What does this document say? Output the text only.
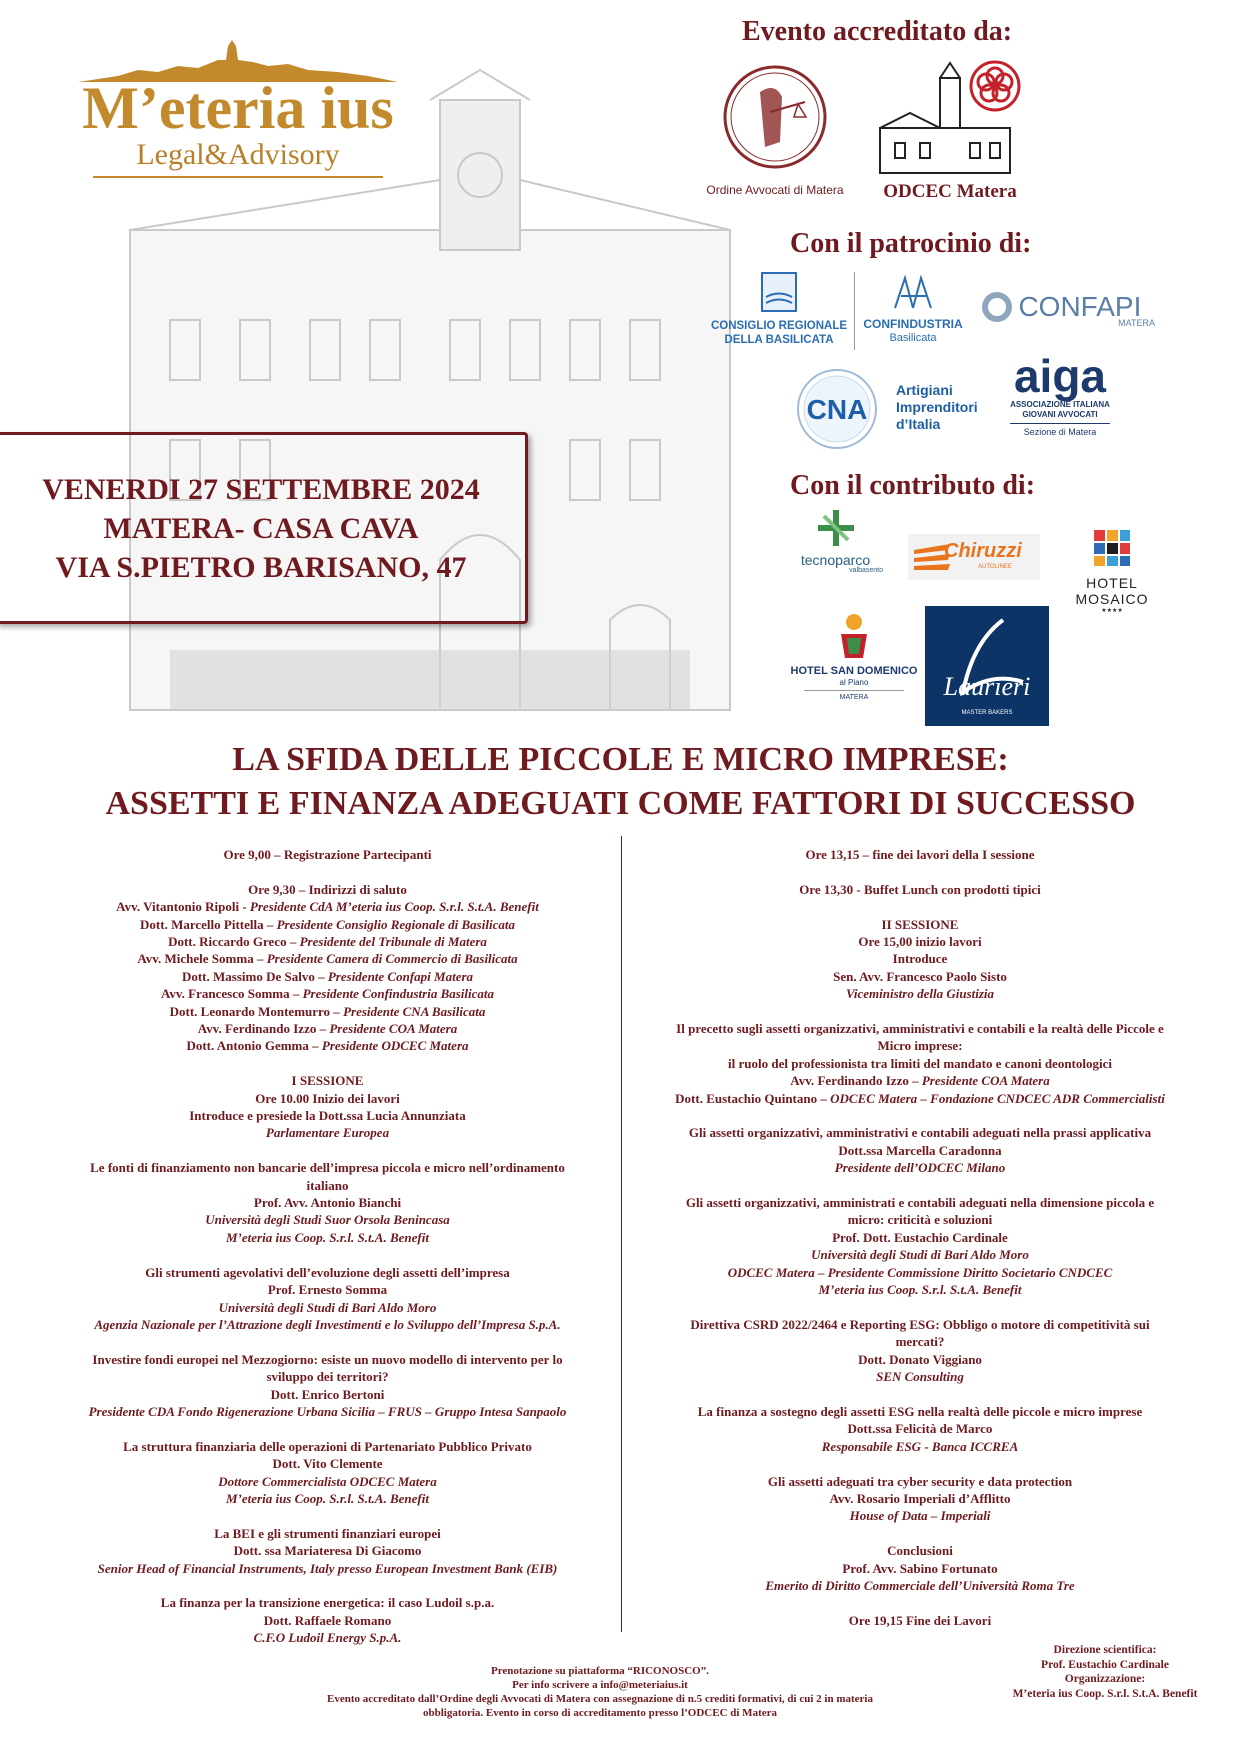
M’eteria ius
Legal&Advisory
VENERDI 27 SETTEMBRE 2024
MATERA- CASA CAVA
VIA S.PIETRO BARISANO, 47
Evento accreditato da:
Ordine Avvocati di Matera	ODCEC Matera
Con il patrocinio di:
CONSIGLIO REGIONALE
DELLA BASILICATA
CONFINDUSTRIA
Basilicata
CONFAPI
MATERA
CNA
Artigiani
Imprenditori
d’Italia
aiga
ASSOCIAZIONE ITALIANA
GIOVANI AVVOCATI
Sezione di Matera
Con il contributo di:
tecnoparco
valbasento
Chiruzzi
AUTOLINEE
HOTEL MOSAICO
★★★★
HOTEL SAN DOMENICO
al Piano
MATERA	Laurieri
MASTER BAKERS
LA SFIDA DELLE PICCOLE E MICRO IMPRESE:
ASSETTI E FINANZA ADEGUATI COME FATTORI DI SUCCESSO
Ore 9,00 – Registrazione Partecipanti
Ore 9,30 – Indirizzi di saluto
Avv. Vitantonio Ripoli - Presidente CdA M’eteria ius Coop. S.r.l. S.t.A. Benefit
Dott. Marcello Pittella – Presidente Consiglio Regionale di Basilicata
Dott. Riccardo Greco – Presidente del Tribunale di Matera
Avv. Michele Somma – Presidente Camera di Commercio di Basilicata
Dott. Massimo De Salvo – Presidente Confapi Matera
Avv. Francesco Somma – Presidente Confindustria Basilicata
Dott. Leonardo Montemurro – Presidente CNA Basilicata
Avv. Ferdinando Izzo – Presidente COA Matera
Dott. Antonio Gemma – Presidente ODCEC Matera
I SESSIONE
Ore 10.00 Inizio dei lavori
Introduce e presiede la Dott.ssa Lucia Annunziata
Parlamentare Europea
Le fonti di finanziamento non bancarie dell’impresa piccola e micro nell’ordinamento
italiano
Prof. Avv. Antonio Bianchi
Università degli Studi Suor Orsola Benincasa
M’eteria ius Coop. S.r.l. S.t.A. Benefit
Gli strumenti agevolativi dell’evoluzione degli assetti dell’impresa
Prof. Ernesto Somma
Università degli Studi di Bari Aldo Moro
Agenzia Nazionale per l’Attrazione degli Investimenti e lo Sviluppo dell’Impresa S.p.A.
Investire fondi europei nel Mezzogiorno: esiste un nuovo modello di intervento per lo
sviluppo dei territori?
Dott. Enrico Bertoni
Presidente CDA Fondo Rigenerazione Urbana Sicilia – FRUS – Gruppo Intesa Sanpaolo
La struttura finanziaria delle operazioni di Partenariato Pubblico Privato
Dott. Vito Clemente
Dottore Commercialista ODCEC Matera
M’eteria ius Coop. S.r.l. S.t.A. Benefit
La BEI e gli strumenti finanziari europei
Dott. ssa Mariateresa Di Giacomo
Senior Head of Financial Instruments, Italy presso European Investment Bank (EIB)
La finanza per la transizione energetica: il caso Ludoil s.p.a.
Dott. Raffaele Romano
C.F.O Ludoil Energy S.p.A.
Ore 13,15 – fine dei lavori della I sessione
Ore 13,30 - Buffet Lunch con prodotti tipici
II SESSIONE
Ore 15,00 inizio lavori
Introduce
Sen. Avv. Francesco Paolo Sisto
Viceministro della Giustizia
Il precetto sugli assetti organizzativi, amministrativi e contabili e la realtà delle Piccole e
Micro imprese:
il ruolo del professionista tra limiti del mandato e canoni deontologici
Avv. Ferdinando Izzo – Presidente COA Matera
Dott. Eustachio Quintano – ODCEC Matera – Fondazione CNDCEC ADR Commercialisti
Gli assetti organizzativi, amministrativi e contabili adeguati nella prassi applicativa
Dott.ssa Marcella Caradonna
Presidente dell’ODCEC Milano
Gli assetti organizzativi, amministrati e contabili adeguati nella dimensione piccola e
micro: criticità e soluzioni
Prof. Dott. Eustachio Cardinale
Università degli Studi di Bari Aldo Moro
ODCEC Matera – Presidente Commissione Diritto Societario CNDCEC
M’eteria ius Coop. S.r.l. S.t.A. Benefit
Direttiva CSRD 2022/2464 e Reporting ESG: Obbligo o motore di competitività sui
mercati?
Dott. Donato Viggiano
SEN Consulting
La finanza a sostegno degli assetti ESG nella realtà delle piccole e micro imprese
Dott.ssa Felicità de Marco
Responsabile ESG - Banca ICCREA
Gli assetti adeguati tra cyber security e data protection
Avv. Rosario Imperiali d’Afflitto
House of Data – Imperiali
Conclusioni
Prof. Avv. Sabino Fortunato
Emerito di Diritto Commerciale dell’Università Roma Tre
Ore 19,15 Fine dei Lavori
Prenotazione su piattaforma “RICONOSCO”.
Per info scrivere a info@meteriaius.it
Evento accreditato dall’Ordine degli Avvocati di Matera con assegnazione di n.5 crediti formativi, di cui 2 in materia
obbligatoria. Evento in corso di accreditamento presso l’ODCEC di Matera
Direzione scientifica:
Prof. Eustachio Cardinale
Organizzazione:
M’eteria ius Coop. S.r.l. S.t.A. Benefit
